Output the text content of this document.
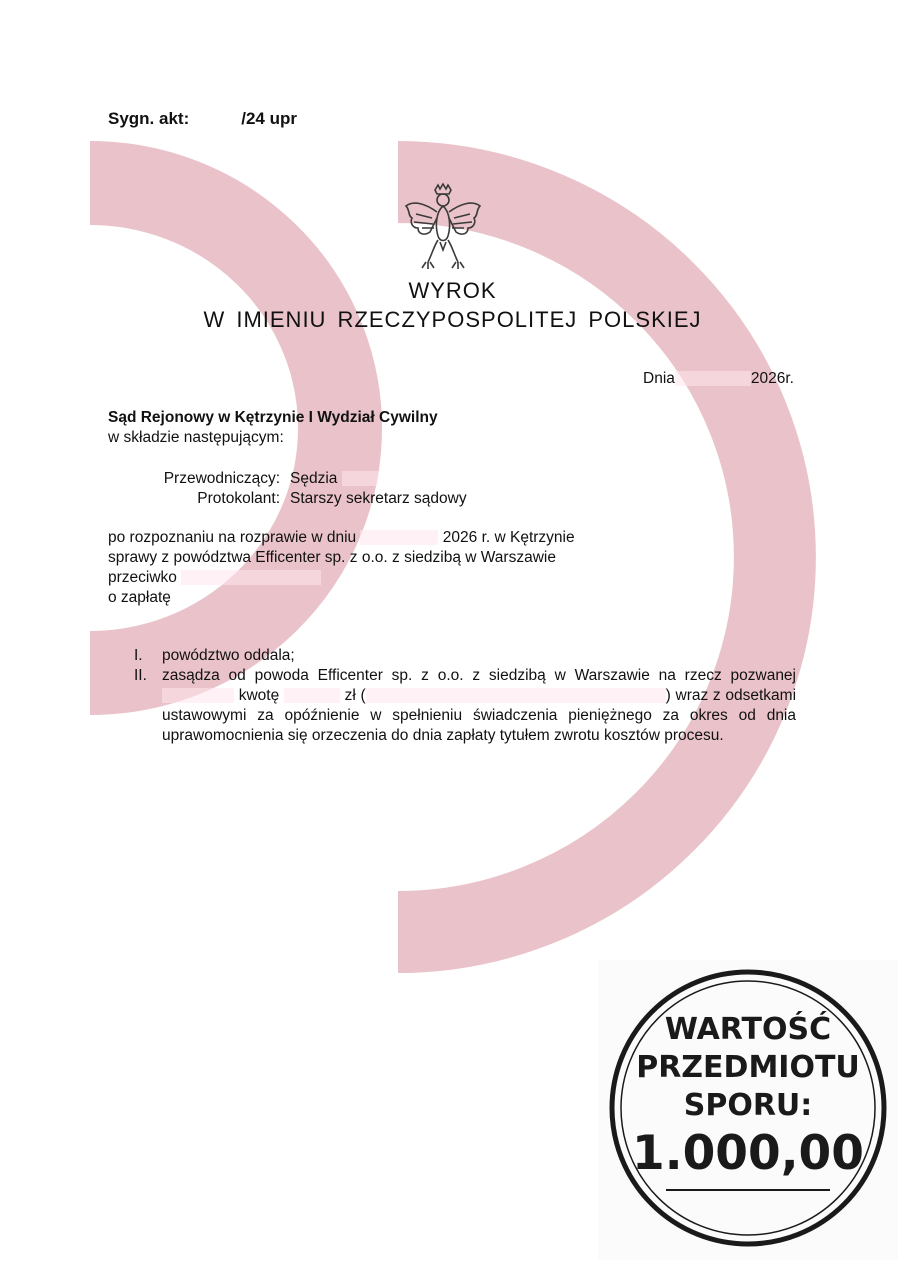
Sygn. akt:	/24 upr
WYROK
W IMIENIU RZECZYPOSPOLITEJ POLSKIEJ
Dnia	2026r.
Sąd Rejonowy w Kętrzynie I Wydział Cywilny
w składzie następującym:
Przewodniczący: Sędzia
Protokolant: Starszy sekretarz sądowy
po rozpoznaniu na rozprawie w dniu	2026 r. w Kętrzynie
sprawy z powództwa Efficenter sp. z o.o. z siedzibą w Warszawie
przeciwko
o zapłatę
I. powództwo oddala;
II. zasądza od powoda Efficenter sp. z o.o. z siedzibą w Warszawie na rzecz pozwanej  kwotę	zł (	) wraz z odsetkami ustawowymi za opóźnienie w spełnieniu świadczenia pieniężnego za okres od dnia uprawomocnienia się orzeczenia do dnia zapłaty tytułem zwrotu kosztów procesu.
WARTOŚĆ
PRZEDMIOTU
SPORU:
1.000,00
